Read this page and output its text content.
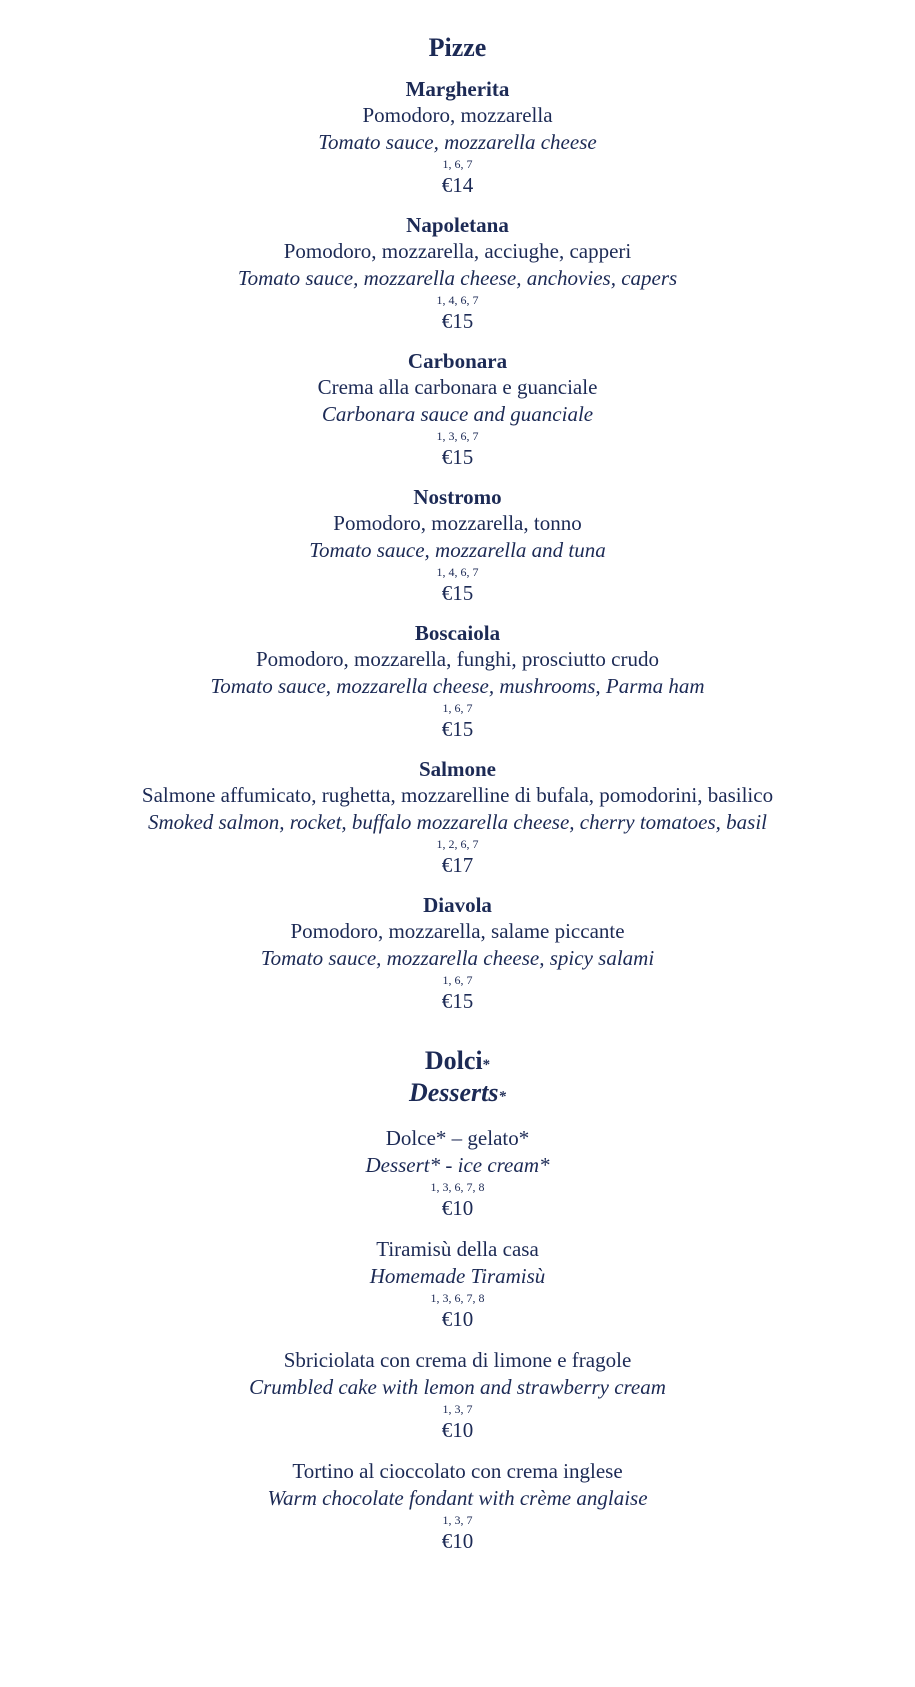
Pizze
Margherita
Pomodoro, mozzarella
Tomato sauce, mozzarella cheese
1, 6, 7
€14
Napoletana
Pomodoro, mozzarella, acciughe, capperi
Tomato sauce, mozzarella cheese, anchovies, capers
1, 4, 6, 7
€15
Carbonara
Crema alla carbonara e guanciale
Carbonara sauce and guanciale
1, 3, 6, 7
€15
Nostromo
Pomodoro, mozzarella, tonno
Tomato sauce, mozzarella and tuna
1, 4, 6, 7
€15
Boscaiola
Pomodoro, mozzarella, funghi, prosciutto crudo
Tomato sauce, mozzarella cheese, mushrooms, Parma ham
1, 6, 7
€15
Salmone
Salmone affumicato, rughetta, mozzarelline di bufala, pomodorini, basilico
Smoked salmon, rocket, buffalo mozzarella cheese, cherry tomatoes, basil
1, 2, 6, 7
€17
Diavola
Pomodoro, mozzarella, salame piccante
Tomato sauce, mozzarella cheese, spicy salami
1, 6, 7
€15
Dolci*
Desserts*
Dolce* – gelato*
Dessert* - ice cream*
1, 3, 6, 7, 8
€10
Tiramisù della casa
Homemade Tiramisù
1, 3, 6, 7, 8
€10
Sbriciolata con crema di limone e fragole
Crumbled cake with lemon and strawberry cream
1, 3, 7
€10
Tortino al cioccolato con crema inglese
Warm chocolate fondant with crème anglaise
1, 3, 7
€10
